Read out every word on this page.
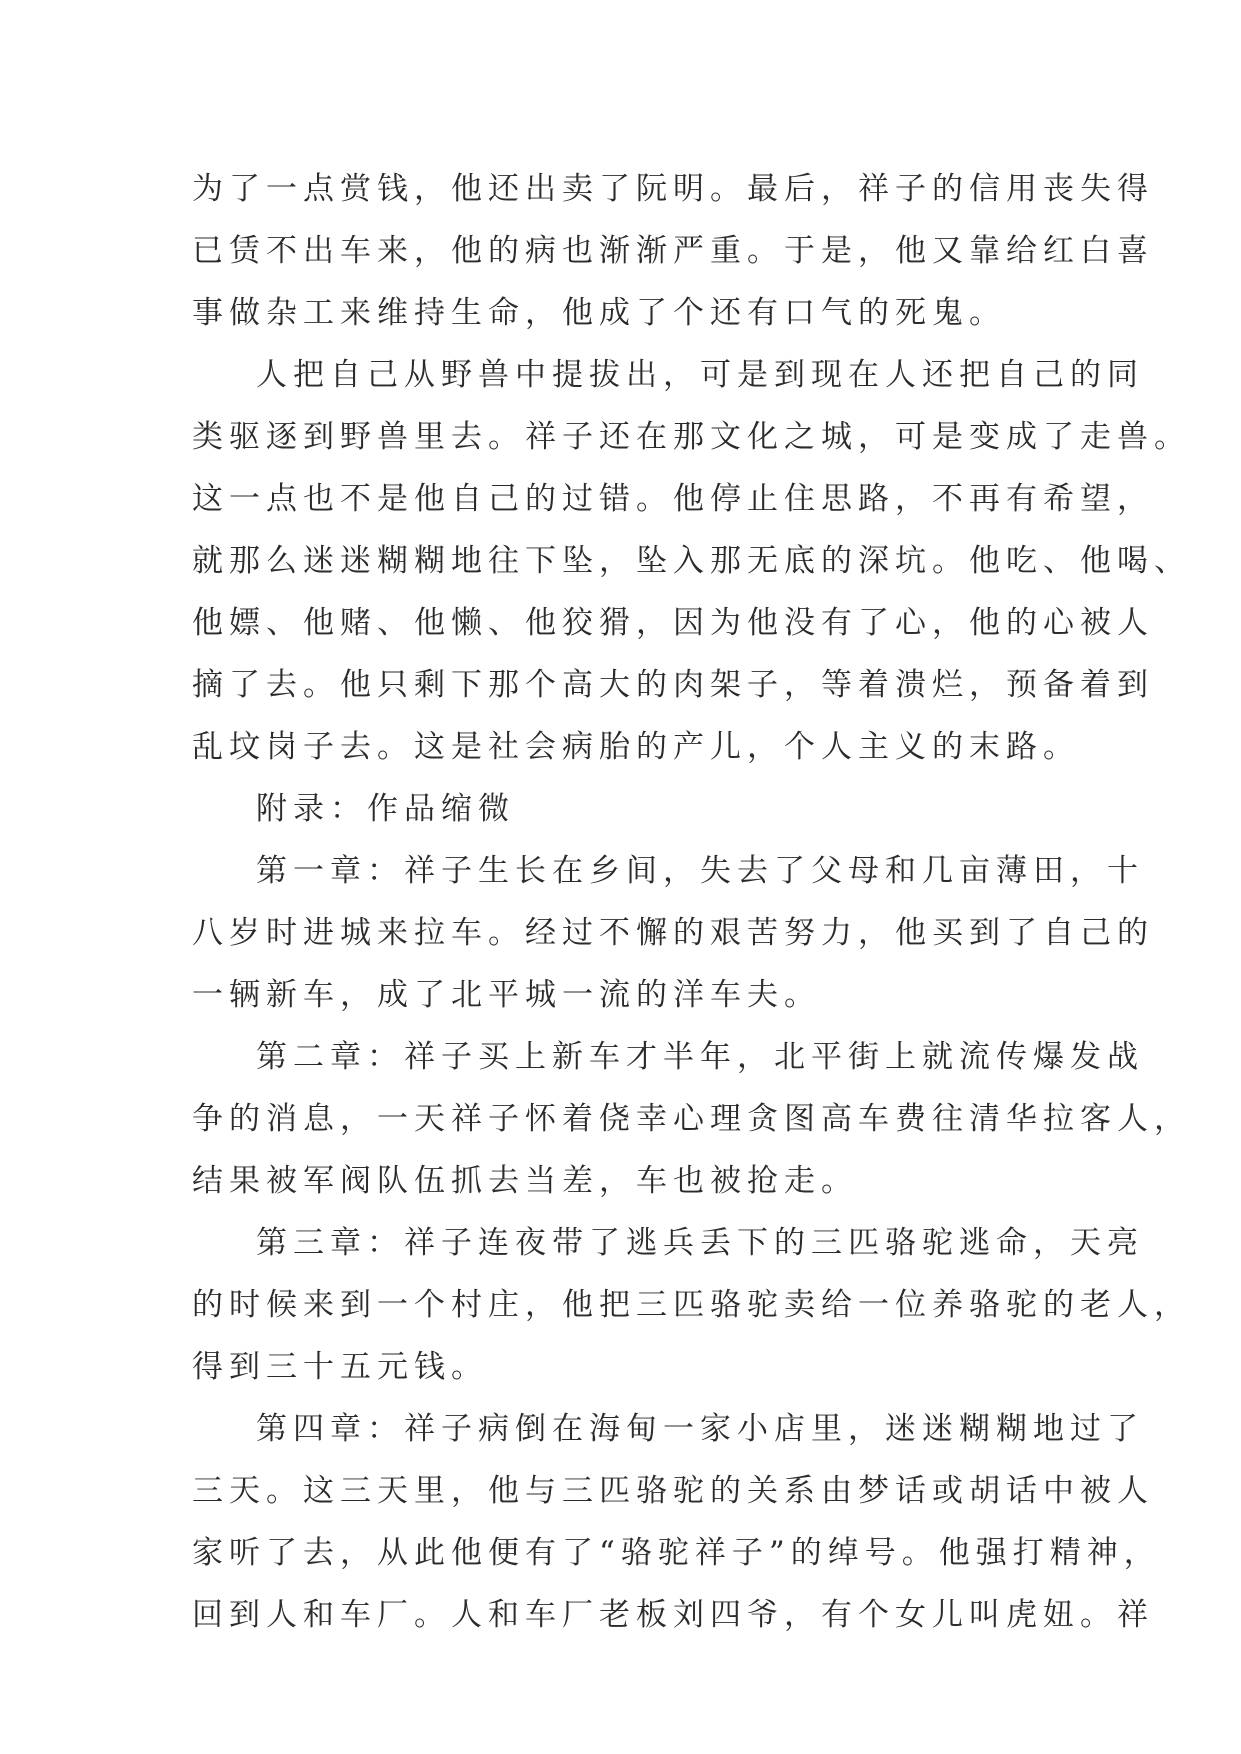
为了一点赏钱，他还出卖了阮明。最后，祥子的信用丧失得
已赁不出车来，他的病也渐渐严重。于是，他又靠给红白喜
事做杂工来维持生命，他成了个还有口气的死鬼。
人把自己从野兽中提拔出，可是到现在人还把自己的同
类驱逐到野兽里去。祥子还在那文化之城，可是变成了走兽。
这一点也不是他自己的过错。他停止住思路，不再有希望，
就那么迷迷糊糊地往下坠，坠入那无底的深坑。他吃、他喝、
他嫖、他赌、他懒、他狡猾，因为他没有了心，他的心被人
摘了去。他只剩下那个高大的肉架子，等着溃烂，预备着到
乱坟岗子去。这是社会病胎的产儿，个人主义的末路。
附录：作品缩微
第一章：祥子生长在乡间，失去了父母和几亩薄田，十
八岁时进城来拉车。经过不懈的艰苦努力，他买到了自己的
一辆新车，成了北平城一流的洋车夫。
第二章：祥子买上新车才半年，北平街上就流传爆发战
争的消息，一天祥子怀着侥幸心理贪图高车费往清华拉客人，
结果被军阀队伍抓去当差，车也被抢走。
第三章：祥子连夜带了逃兵丢下的三匹骆驼逃命，天亮
的时候来到一个村庄，他把三匹骆驼卖给一位养骆驼的老人，
得到三十五元钱。
第四章：祥子病倒在海甸一家小店里，迷迷糊糊地过了
三天。这三天里，他与三匹骆驼的关系由梦话或胡话中被人
家听了去，从此他便有了“骆驼祥子”的绰号。他强打精神，
回到人和车厂。人和车厂老板刘四爷，有个女儿叫虎妞。祥
